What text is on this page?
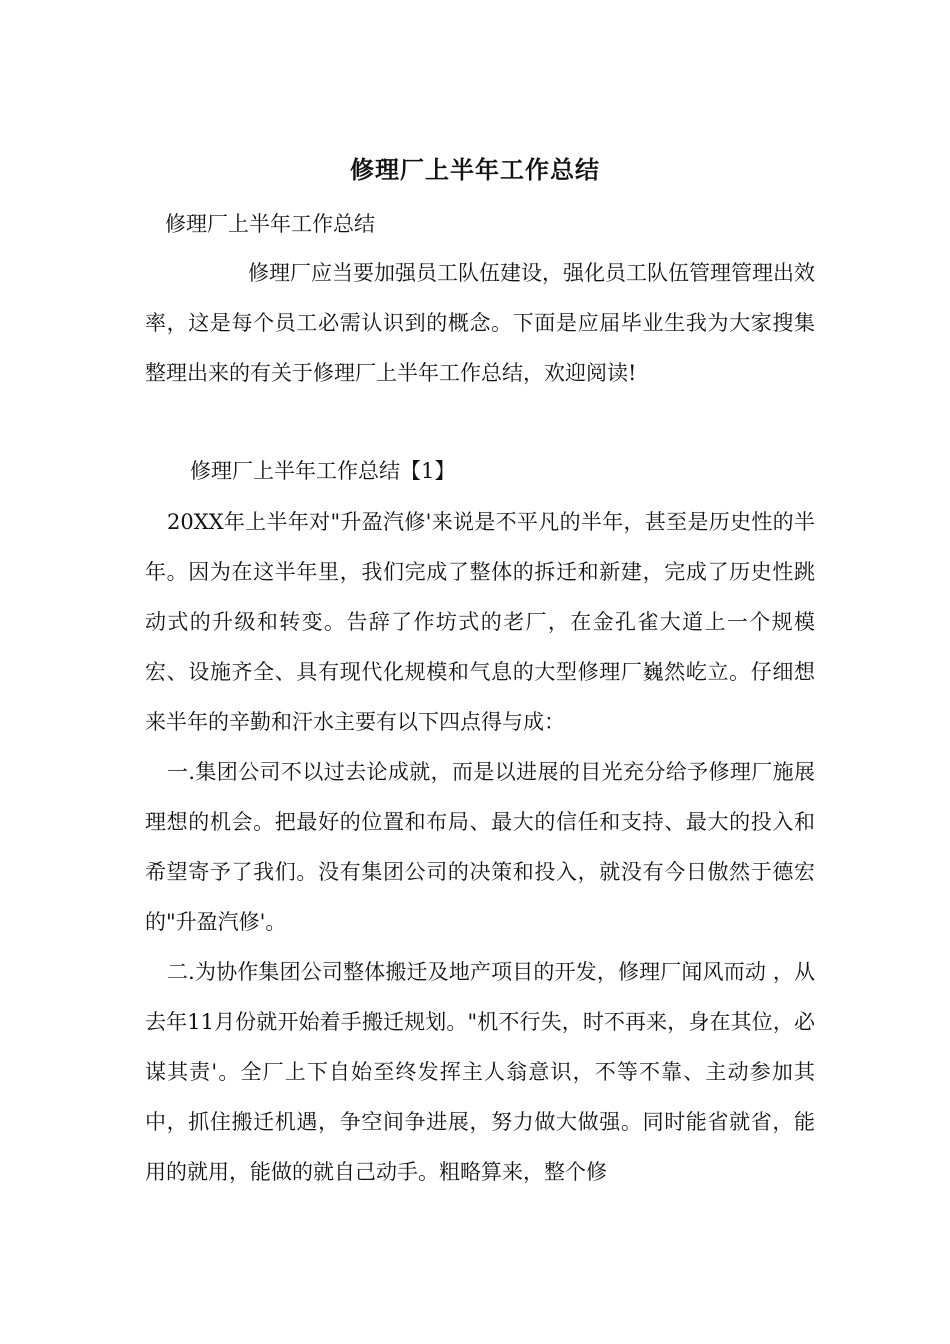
修理厂上半年工作总结
修理厂上半年工作总结

修理厂应当要加强员工队伍建设，强化员工队伍管理管理出效率，这是每个员工必需认识到的概念。下面是应届毕业生我为大家搜集整理出来的有关于修理厂上半年工作总结，欢迎阅读!

修理厂上半年工作总结【1】

20XX年上半年对"升盈汽修'来说是不平凡的半年，甚至是历史性的半年。因为在这半年里，我们完成了整体的拆迁和新建，完成了历史性跳动式的升级和转变。告辞了作坊式的老厂，在金孔雀大道上一个规模宏、设施齐全、具有现代化规模和气息的大型修理厂巍然屹立。仔细想来半年的辛勤和汗水主要有以下四点得与成：

一.集团公司不以过去论成就，而是以进展的目光充分给予修理厂施展理想的机会。把最好的位置和布局、最大的信任和支持、最大的投入和希望寄予了我们。没有集团公司的决策和投入，就没有今日傲然于德宏的"升盈汽修'。

二.为协作集团公司整体搬迁及地产项目的开发，修理厂闻风而动 ，从去年11月份就开始着手搬迁规划。"机不行失，时不再来，身在其位，必谋其责'。全厂上下自始至终发挥主人翁意识，不等不靠、主动参加其中，抓住搬迁机遇，争空间争进展，努力做大做强。同时能省就省，能用的就用，能做的就自己动手。粗略算来，整个修
